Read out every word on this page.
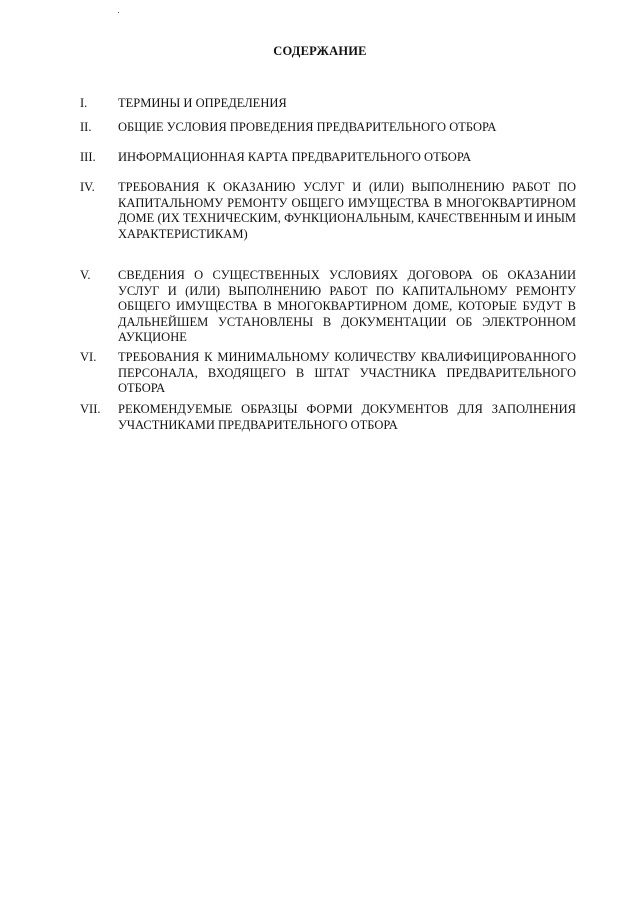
СОДЕРЖАНИЕ
I.	ТЕРМИНЫ И ОПРЕДЕЛЕНИЯ
II.	ОБЩИЕ УСЛОВИЯ ПРОВЕДЕНИЯ ПРЕДВАРИТЕЛЬНОГО ОТБОРА
III.	ИНФОРМАЦИОННАЯ КАРТА ПРЕДВАРИТЕЛЬНОГО ОТБОРА
IV.	ТРЕБОВАНИЯ К ОКАЗАНИЮ УСЛУГ И (ИЛИ) ВЫПОЛНЕНИЮ РАБОТ ПО КАПИТАЛЬНОМУ РЕМОНТУ ОБЩЕГО ИМУЩЕСТВА В МНОГОКВАРТИРНОМ ДОМЕ (ИХ ТЕХНИЧЕСКИМ, ФУНКЦИОНАЛЬНЫМ, КАЧЕСТВЕННЫМ И ИНЫМ ХАРАКТЕРИСТИКАМ)
V.	СВЕДЕНИЯ О СУЩЕСТВЕННЫХ УСЛОВИЯХ ДОГОВОРА ОБ ОКАЗАНИИ УСЛУГ И (ИЛИ) ВЫПОЛНЕНИЮ РАБОТ ПО КАПИТАЛЬНОМУ РЕМОНТУ ОБЩЕГО ИМУЩЕСТВА В МНОГОКВАРТИРНОМ ДОМЕ, КОТОРЫЕ БУДУТ В ДАЛЬНЕЙШЕМ УСТАНОВЛЕНЫ В ДОКУМЕНТАЦИИ ОБ ЭЛЕКТРОННОМ АУКЦИОНЕ
VI.	ТРЕБОВАНИЯ К МИНИМАЛЬНОМУ КОЛИЧЕСТВУ КВАЛИФИЦИРОВАННОГО ПЕРСОНАЛА, ВХОДЯЩЕГО В ШТАТ УЧАСТНИКА ПРЕДВАРИТЕЛЬНОГО ОТБОРА
VII.	РЕКОМЕНДУЕМЫЕ ОБРАЗЦЫ ФОРМИ ДОКУМЕНТОВ ДЛЯ ЗАПОЛНЕНИЯ УЧАСТНИКАМИ ПРЕДВАРИТЕЛЬНОГО ОТБОРА
